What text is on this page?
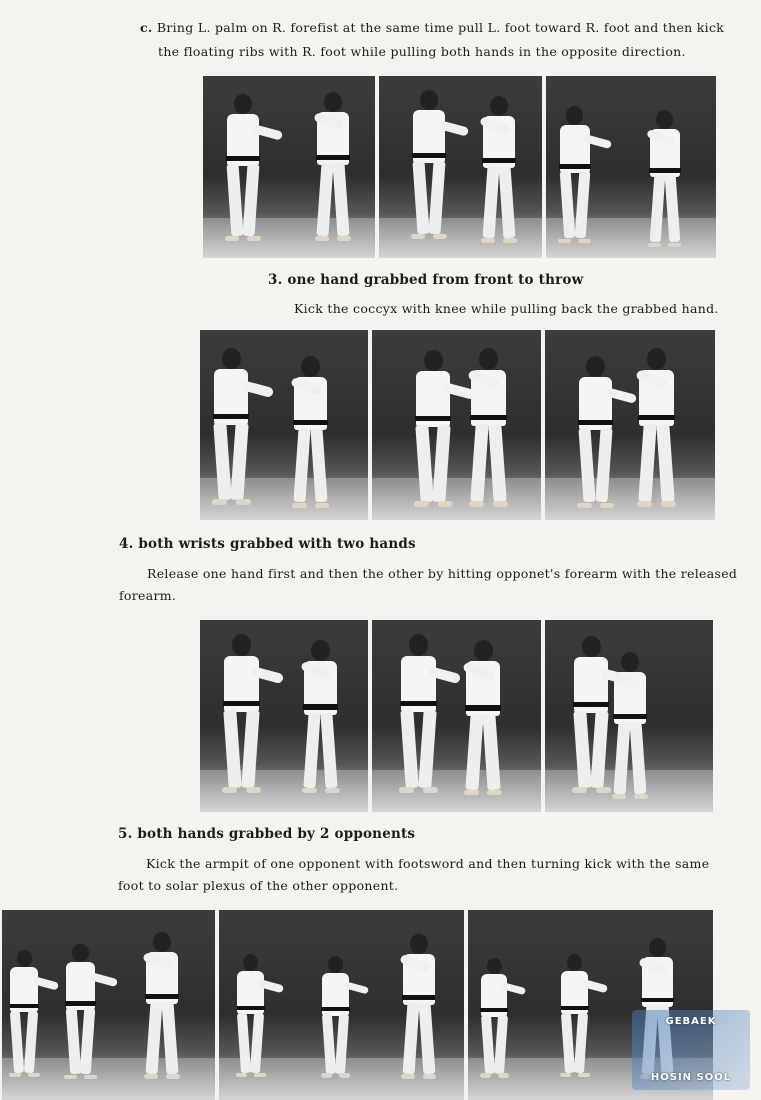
c. Bring L. palm on R. forefist at the same time pull L. foot toward R. foot and then kick
the floating ribs with R. foot while pulling both hands in the opposite direction.
3. one hand grabbed from front to throw
Kick the coccyx with knee while pulling back the grabbed hand.
4. both wrists grabbed with two hands
Release one hand first and then the other by hitting opponet's forearm with the released
forearm.
5. both hands grabbed by 2 opponents
Kick the armpit of one opponent with footsword and then turning kick with the same
foot to solar plexus of the other opponent.
GEBAEK
HOSIN SOOL
